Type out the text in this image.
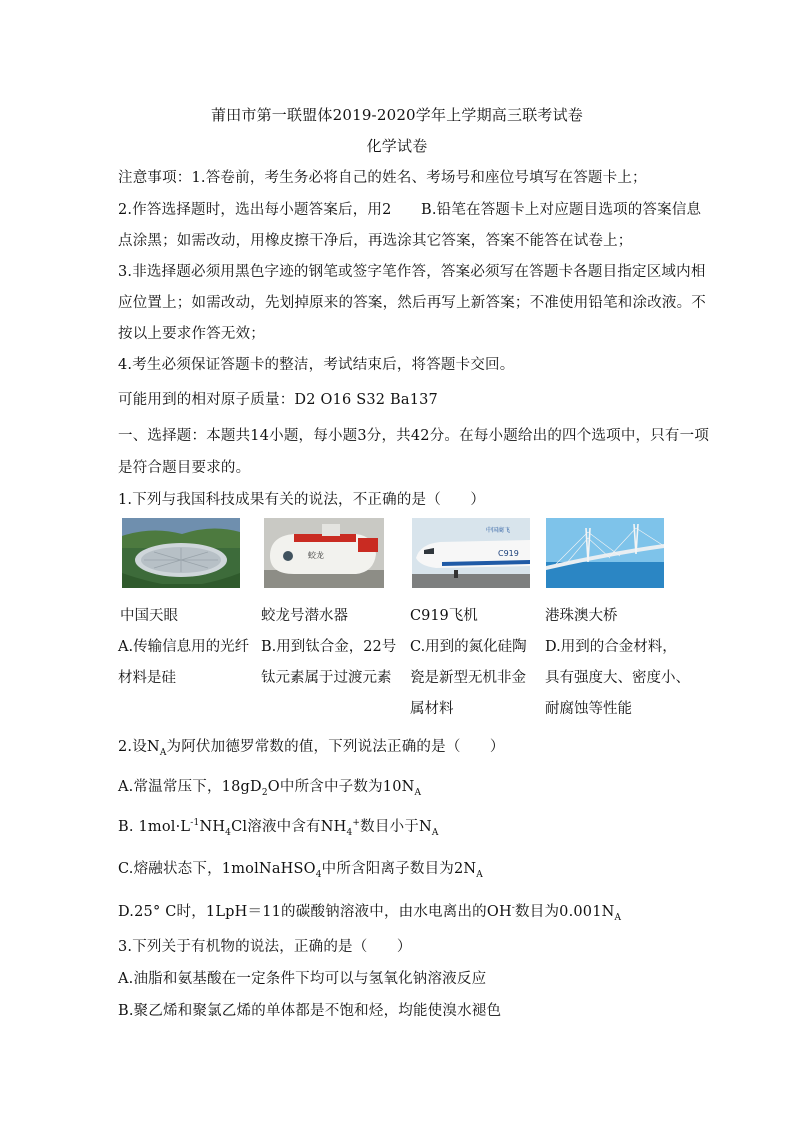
莆田市第一联盟体2019-2020学年上学期高三联考试卷
化学试卷
注意事项：1.答卷前，考生务必将自己的姓名、考场号和座位号填写在答题卡上；
2.作答选择题时，选出每小题答案后，用2　　B.铅笔在答题卡上对应题目选项的答案信息
点涂黑；如需改动，用橡皮擦干净后，再选涂其它答案，答案不能答在试卷上；
3.非选择题必须用黑色字迹的钢笔或签字笔作答，答案必须写在答题卡各题目指定区域内相
应位置上；如需改动，先划掉原来的答案，然后再写上新答案；不准使用铅笔和涂改液。不
按以上要求作答无效；
4.考生必须保证答题卡的整洁，考试结束后，将答题卡交回。
可能用到的相对原子质量：D2 O16 S32 Ba137
一、选择题：本题共14小题，每小题3分，共42分。在每小题给出的四个选项中，只有一项
是符合题目要求的。
1.下列与我国科技成果有关的说法，不正确的是（　　）
蛟龙
中国商飞
C919
中国天眼	蛟龙号潜水器	C919飞机	港珠澳大桥
A.传输信息用的光纤
材料是硅
B.用到钛合金，22号
钛元素属于过渡元素
C.用到的氮化硅陶
瓷是新型无机非金
属材料
D.用到的合金材料，
具有强度大、密度小、
耐腐蚀等性能
2.设$N_A$为阿伏加德罗常数的值，下列说法正确的是（　　）
A.常温常压下，$18gD_2O$中所含中子数为$10N_A$
B. $1mol\cdot L^{-1}NH_4Cl$溶液中含有$NH_4^+$数目小于$N_A$
C.熔融状态下，1molNaHSO$_4$中所含阳离子数目为$2N_A$
D.25° C时，1LpH＝11的碳酸钠溶液中，由水电离出的OH-数目为$0.001N_A$
3.下列关于有机物的说法，正确的是（　　）
A.油脂和氨基酸在一定条件下均可以与氢氧化钠溶液反应
B.聚乙烯和聚氯乙烯的单体都是不饱和烃，均能使溴水褪色
